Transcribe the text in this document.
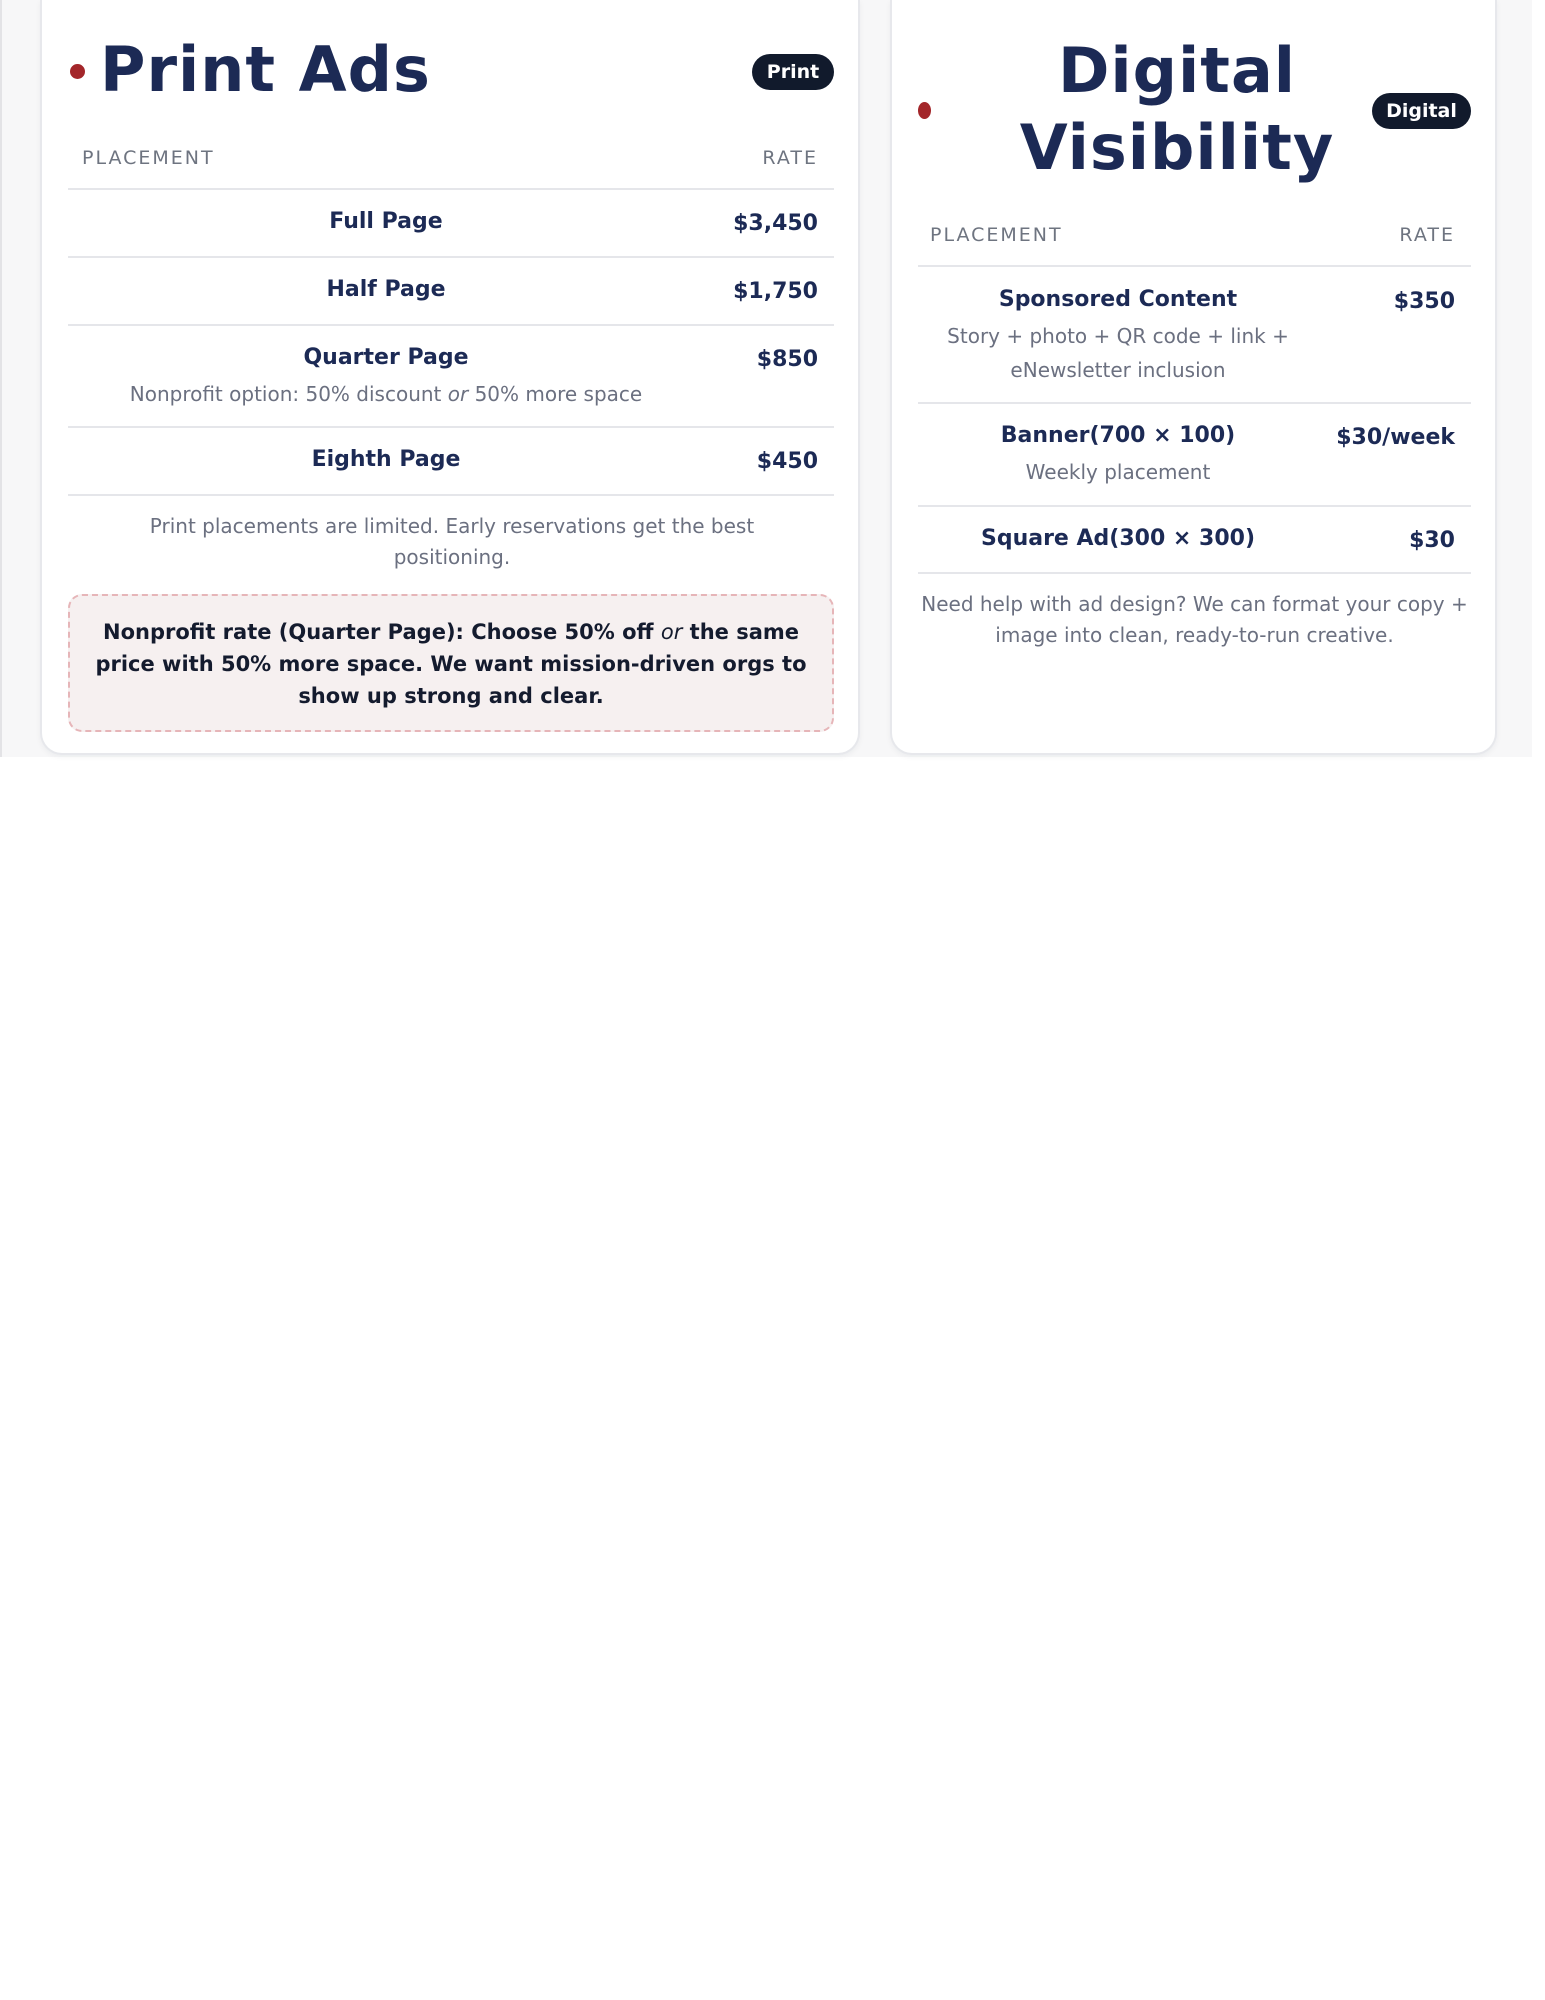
Print Ads	Print
PLACEMENT	RATE
Full Page	$3,450
Half Page	$1,750
Quarter Page	$850
Nonprofit option: 50% discount or 50% more space
Eighth Page	$450
Print placements are limited. Early reservations get the best positioning.
Nonprofit rate (Quarter Page): Choose 50% off or the same price with 50% more space. We want mission-driven orgs to show up strong and clear.
Digital
Visibility	Digital
PLACEMENT	RATE
Sponsored Content	$350
Story + photo + QR code + link +
eNewsletter inclusion
Banner(700 × 100)	$30/week
Weekly placement
Square Ad(300 × 300)	$30
Need help with ad design? We can format your copy + image into clean, ready-to-run creative.
